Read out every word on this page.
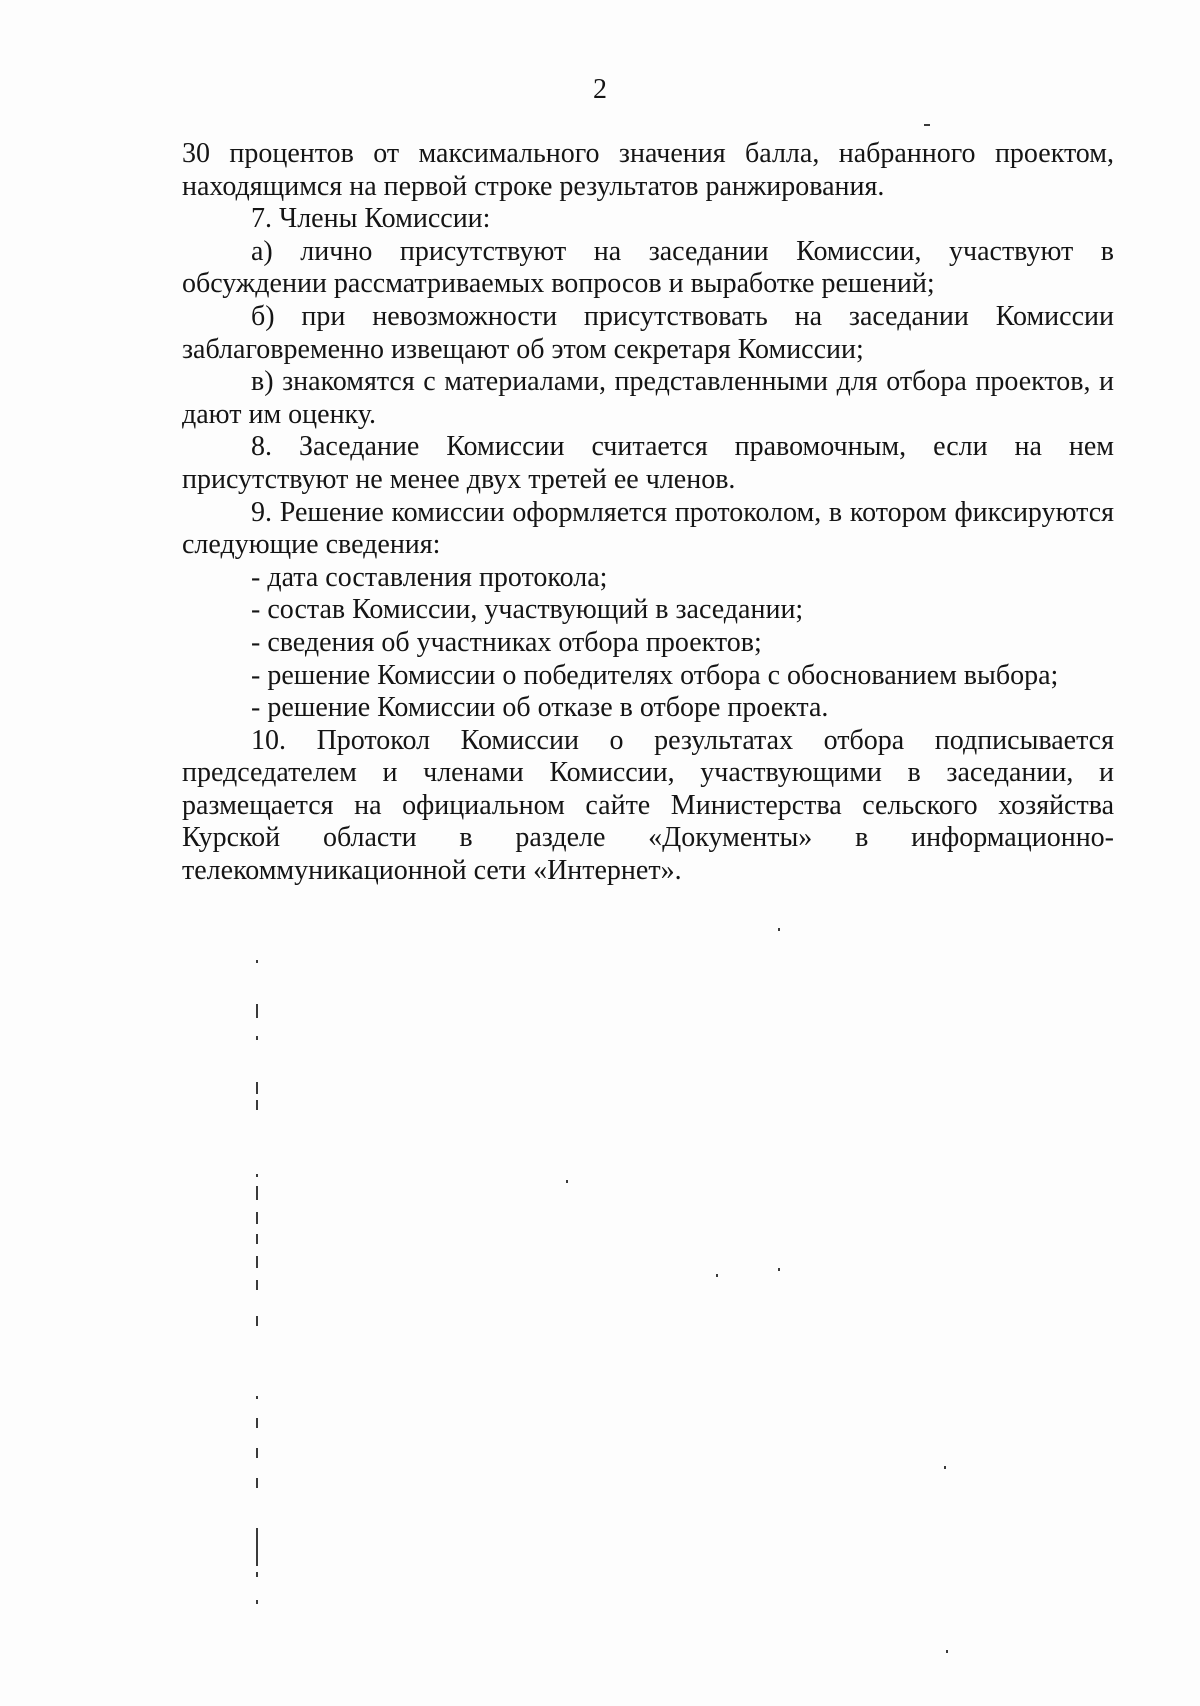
2

30 процентов от максимального значения балла, набранного проектом, находящимся на первой строке результатов ранжирования.

7. Члены Комиссии:

а) лично присутствуют на заседании Комиссии, участвуют в обсуждении рассматриваемых вопросов и выработке решений;

б) при невозможности присутствовать на заседании Комиссии заблаговременно извещают об этом секретаря Комиссии;

в) знакомятся с материалами, представленными для отбора проектов, и дают им оценку.

8. Заседание Комиссии считается правомочным, если на нем присутствуют не менее двух третей ее членов.

9. Решение комиссии оформляется протоколом, в котором фиксируются следующие сведения:

- дата составления протокола;

- состав Комиссии, участвующий в заседании;

- сведения об участниках отбора проектов;

- решение Комиссии о победителях отбора с обоснованием выбора;

- решение Комиссии об отказе в отборе проекта.

10. Протокол Комиссии о результатах отбора подписывается председателем и членами Комиссии, участвующими в заседании, и размещается на официальном сайте Министерства сельского хозяйства Курской области в разделе «Документы» в информационно-телекоммуникационной сети «Интернет».
